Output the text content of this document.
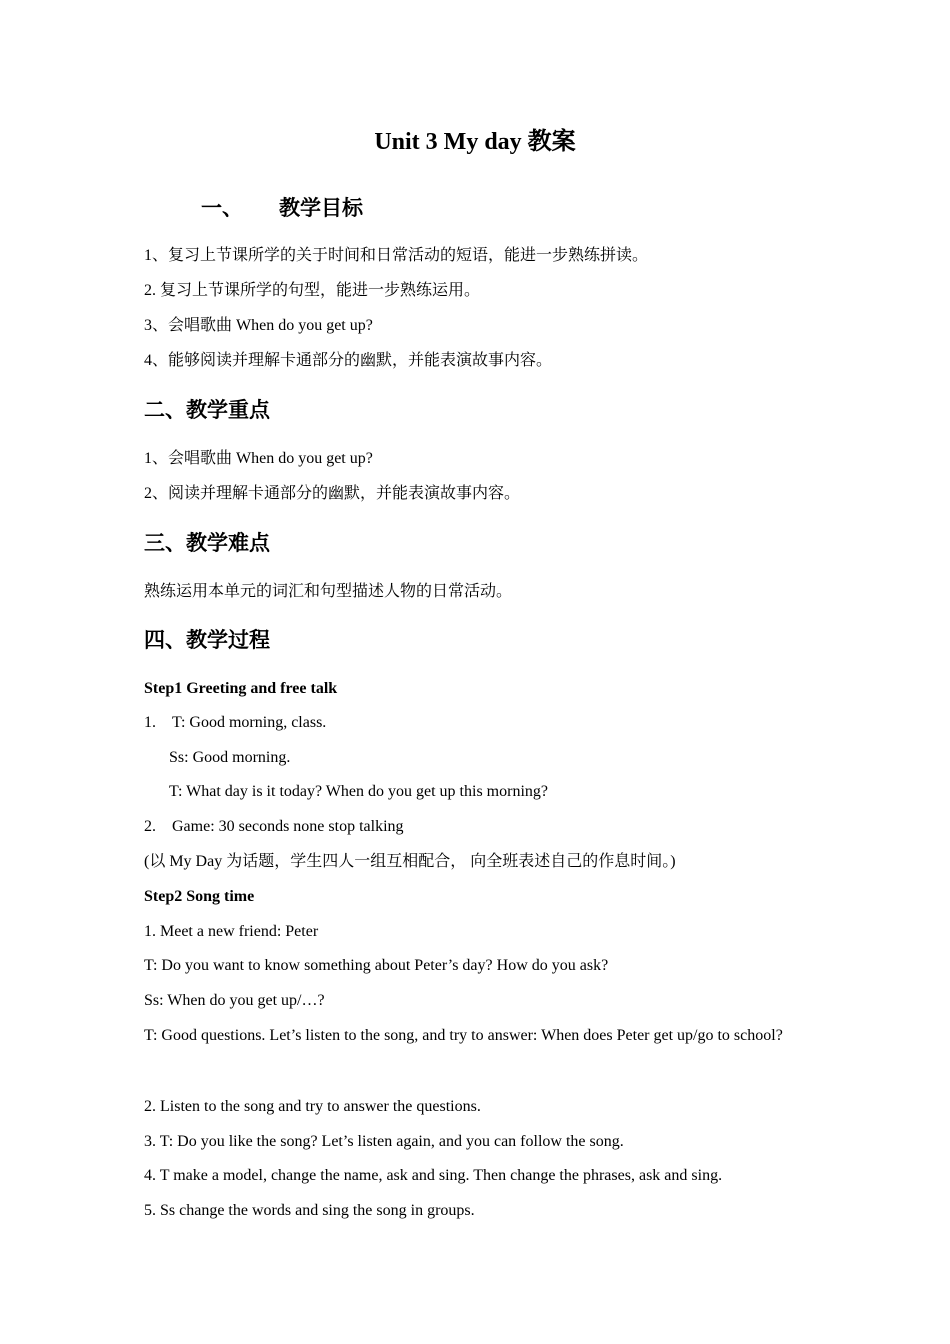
Unit 3 My day 教案
一、 教学目标
1、复习上节课所学的关于时间和日常活动的短语，能进一步熟练拼读。
2. 复习上节课所学的句型，能进一步熟练运用。
3、会唱歌曲 When do you get up?
4、能够阅读并理解卡通部分的幽默，并能表演故事内容。
二、教学重点
1、会唱歌曲 When do you get up?
2、阅读并理解卡通部分的幽默，并能表演故事内容。
三、教学难点
熟练运用本单元的词汇和句型描述人物的日常活动。
四、教学过程
Step1 Greeting and free talk
1. T: Good morning, class.
Ss: Good morning.
T: What day is it today? When do you get up this morning?
2. Game: 30 seconds none stop talking
(以 My Day 为话题，学生四人一组互相配合， 向全班表述自己的作息时间。)
Step2 Song time
1. Meet a new friend: Peter
T: Do you want to know something about Peter’s day? How do you ask?
Ss: When do you get up/…?
T: Good questions. Let’s listen to the song, and try to answer: When does Peter get up/go to school?
2. Listen to the song and try to answer the questions.
3. T: Do you like the song? Let’s listen again, and you can follow the song.
4. T make a model, change the name, ask and sing. Then change the phrases, ask and sing.
5. Ss change the words and sing the song in groups.
